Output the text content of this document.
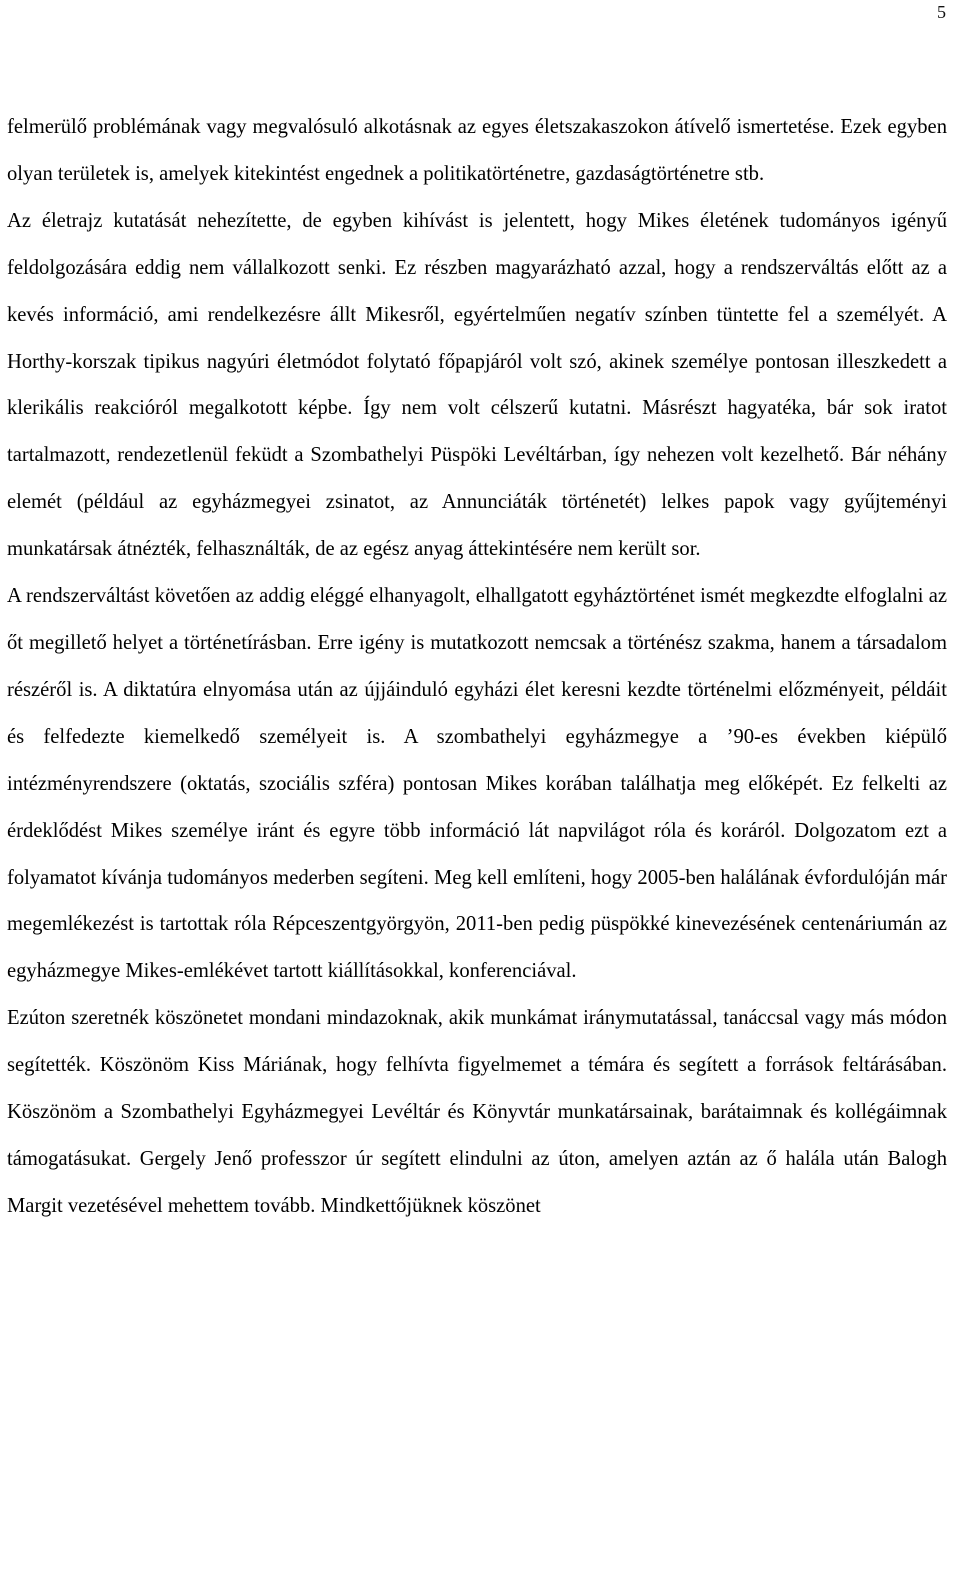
5

felmerülő problémának vagy megvalósuló alkotásnak az egyes életszakaszokon átívelő ismertetése. Ezek egyben olyan területek is, amelyek kitekintést engednek a politikatörténetre, gazdaságtörténetre stb.

Az életrajz kutatását nehezítette, de egyben kihívást is jelentett, hogy Mikes életének tudományos igényű feldolgozására eddig nem vállalkozott senki. Ez részben magyarázható azzal, hogy a rendszerváltás előtt az a kevés információ, ami rendelkezésre állt Mikesről, egyértelműen negatív színben tüntette fel a személyét. A Horthy-korszak tipikus nagyúri életmódot folytató főpapjáról volt szó, akinek személye pontosan illeszkedett a klerikális reakcióról megalkotott képbe. Így nem volt célszerű kutatni. Másrészt hagyatéka, bár sok iratot tartalmazott, rendezetlenül feküdt a Szombathelyi Püspöki Levéltárban, így nehezen volt kezelhető. Bár néhány elemét (például az egyházmegyei zsinatot, az Annunciáták történetét) lelkes papok vagy gyűjteményi munkatársak átnézték, felhasználták, de az egész anyag áttekintésére nem került sor.

A rendszerváltást követően az addig eléggé elhanyagolt, elhallgatott egyháztörténet ismét megkezdte elfoglalni az őt megillető helyet a történetírásban. Erre igény is mutatkozott nemcsak a történész szakma, hanem a társadalom részéről is. A diktatúra elnyomása után az újjáinduló egyházi élet keresni kezdte történelmi előzményeit, példáit és felfedezte kiemelkedő személyeit is. A szombathelyi egyházmegye a ’90-es években kiépülő intézményrendszere (oktatás, szociális szféra) pontosan Mikes korában találhatja meg előképét. Ez felkelti az érdeklődést Mikes személye iránt és egyre több információ lát napvilágot róla és koráról. Dolgozatom ezt a folyamatot kívánja tudományos mederben segíteni. Meg kell említeni, hogy 2005-ben halálának évfordulóján már megemlékezést is tartottak róla Répceszentgyörgyön, 2011-ben pedig püspökké kinevezésének centenáriumán az egyházmegye Mikes-emlékévet tartott kiállításokkal, konferenciával.

Ezúton szeretnék köszönetet mondani mindazoknak, akik munkámat iránymutatással, tanáccsal vagy más módon segítették. Köszönöm Kiss Máriának, hogy felhívta figyelmemet a témára és segített a források feltárásában. Köszönöm a Szombathelyi Egyházmegyei Levéltár és Könyvtár munkatársainak, barátaimnak és kollégáimnak támogatásukat. Gergely Jenő professzor úr segített elindulni az úton, amelyen aztán az ő halála után Balogh Margit vezetésével mehettem tovább. Mindkettőjüknek köszönet
